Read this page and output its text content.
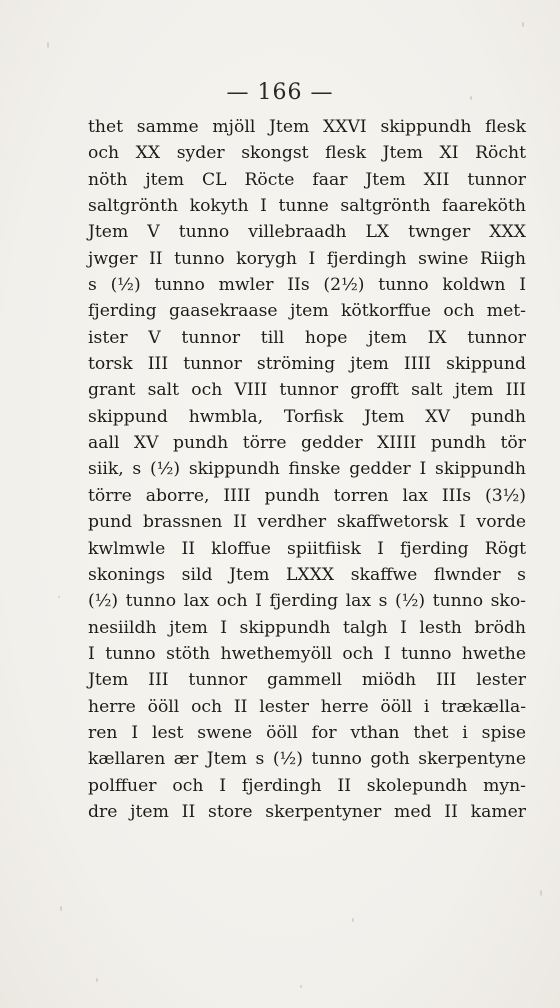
— 166 —
thet samme mjöll Jtem XXVI skippundh flesk
och XX syder skongst flesk Jtem XI Röcht
nöth jtem CL Röcte faar Jtem XII tunnor
saltgrönth kokyth I tunne saltgrönth faareköth
Jtem V tunno villebraadh LX twnger XXX
jwger II tunno korygh I fjerdingh swine Riigh
s (½) tunno mwler IIs (2½) tunno koldwn I
fjerding gaasekraase jtem kötkorffue och met-
ister V tunnor till hope jtem IX tunnor
torsk III tunnor ströming jtem IIII skippund
grant salt och VIII tunnor grofft salt jtem III
skippund hwmbla, Torfisk Jtem XV pundh
aall XV pundh törre gedder XIIII pundh tör
siik, s (½) skippundh finske gedder I skippundh
törre aborre, IIII pundh torren lax IIIs (3½)
pund brassnen II verdher skaffwetorsk I vorde
kwlmwle II kloffue spiitfiisk I fjerding Rögt
skonings sild Jtem LXXX skaffwe flwnder s
(½) tunno lax och I fjerding lax s (½) tunno sko-
nesiildh jtem I skippundh talgh I lesth brödh
I tunno stöth hwethemyöll och I tunno hwethe
Jtem III tunnor gammell miödh III lester
herre ööll och II lester herre ööll i trækælla-
ren I lest swene ööll for vthan thet i spise
kællaren ær Jtem s (½) tunno goth skerpentyne
polffuer och I fjerdingh II skolepundh myn-
dre jtem II store skerpentyner med II kamer
